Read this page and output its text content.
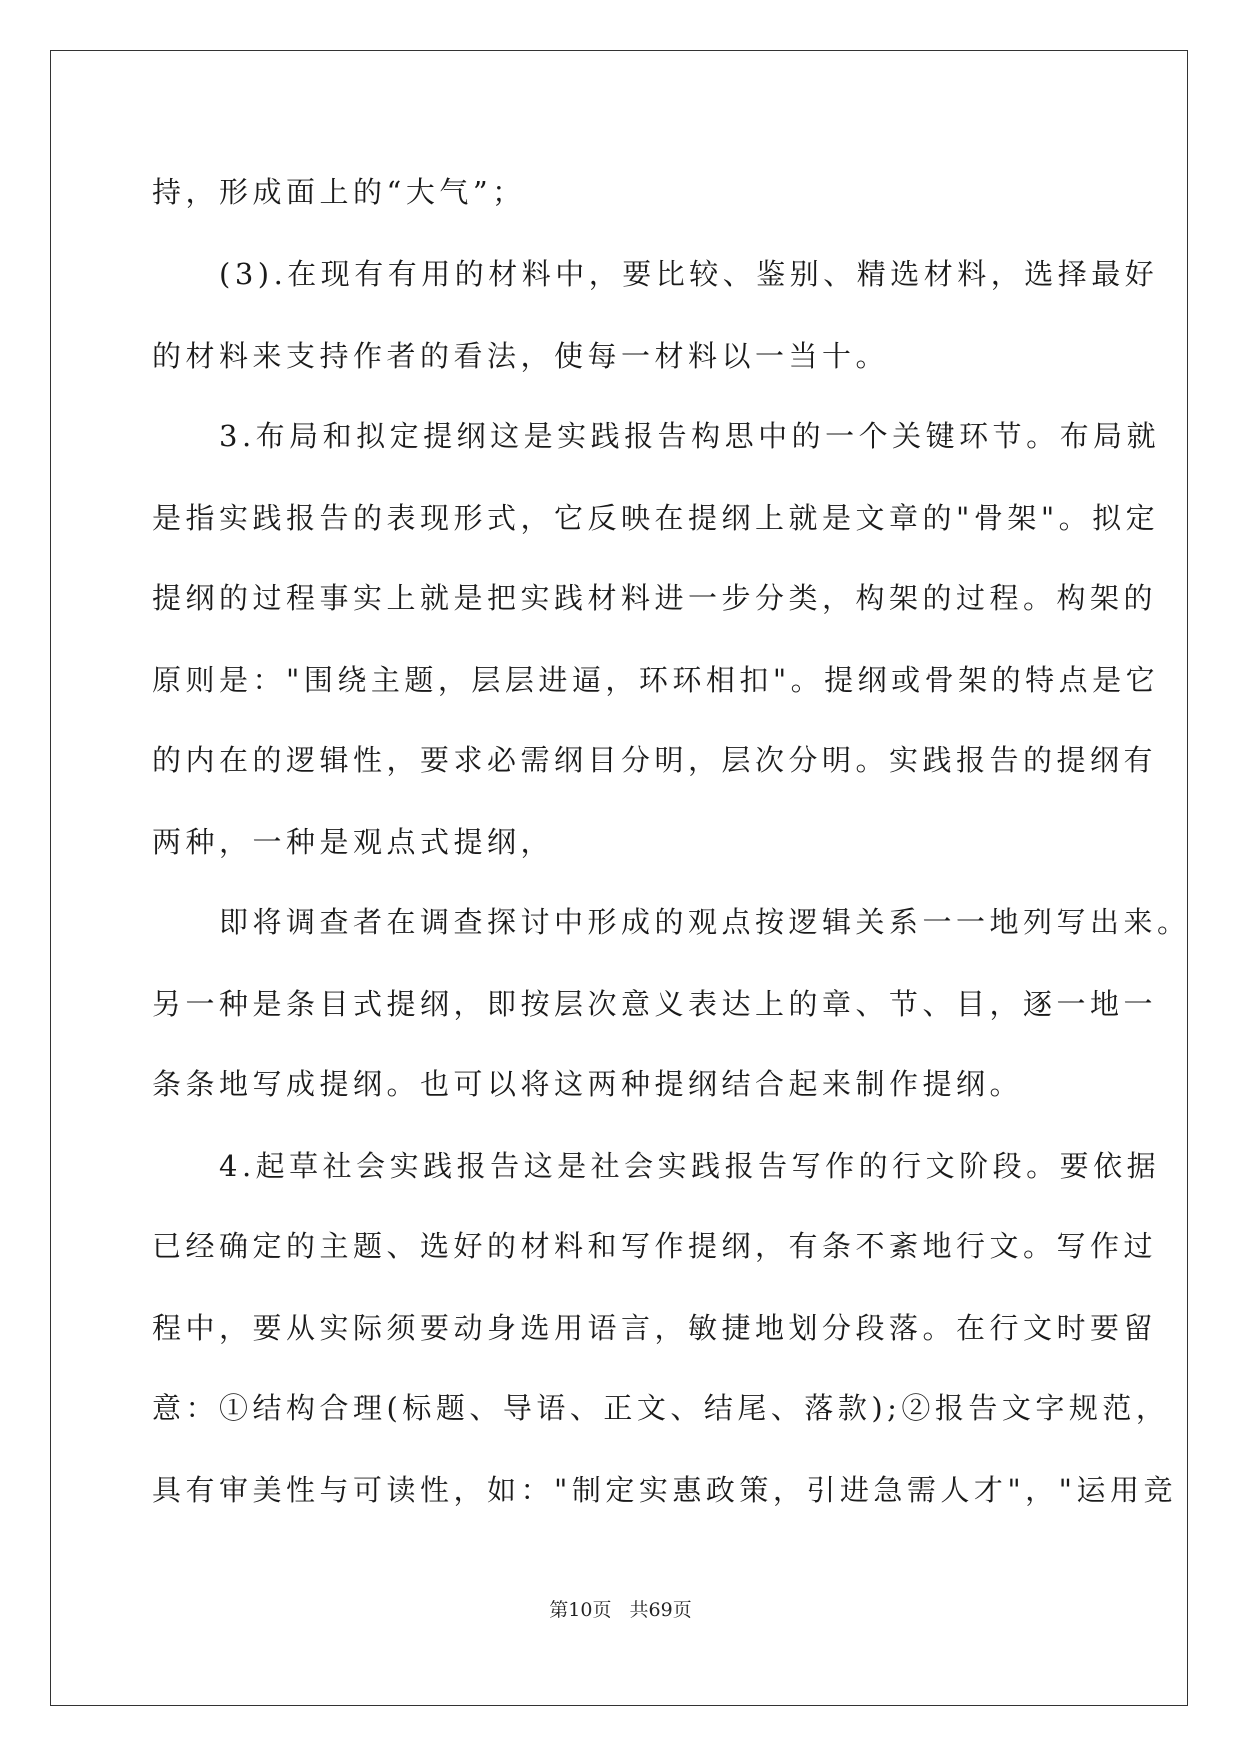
持，形成面上的“大气”；
　　(3).在现有有用的材料中，要比较、鉴别、精选材料，选择最好
的材料来支持作者的看法，使每一材料以一当十。
　　3.布局和拟定提纲这是实践报告构思中的一个关键环节。布局就
是指实践报告的表现形式，它反映在提纲上就是文章的"骨架"。拟定
提纲的过程事实上就是把实践材料进一步分类，构架的过程。构架的
原则是："围绕主题，层层进逼，环环相扣"。提纲或骨架的特点是它
的内在的逻辑性，要求必需纲目分明，层次分明。实践报告的提纲有
两种，一种是观点式提纲，
　　即将调查者在调查探讨中形成的观点按逻辑关系一一地列写出来。
另一种是条目式提纲，即按层次意义表达上的章、节、目，逐一地一
条条地写成提纲。也可以将这两种提纲结合起来制作提纲。
　　4.起草社会实践报告这是社会实践报告写作的行文阶段。要依据
已经确定的主题、选好的材料和写作提纲，有条不紊地行文。写作过
程中，要从实际须要动身选用语言，敏捷地划分段落。在行文时要留
意：①结构合理(标题、导语、正文、结尾、落款);②报告文字规范，
具有审美性与可读性，如："制定实惠政策，引进急需人才"，"运用竞
第10页 共69页
